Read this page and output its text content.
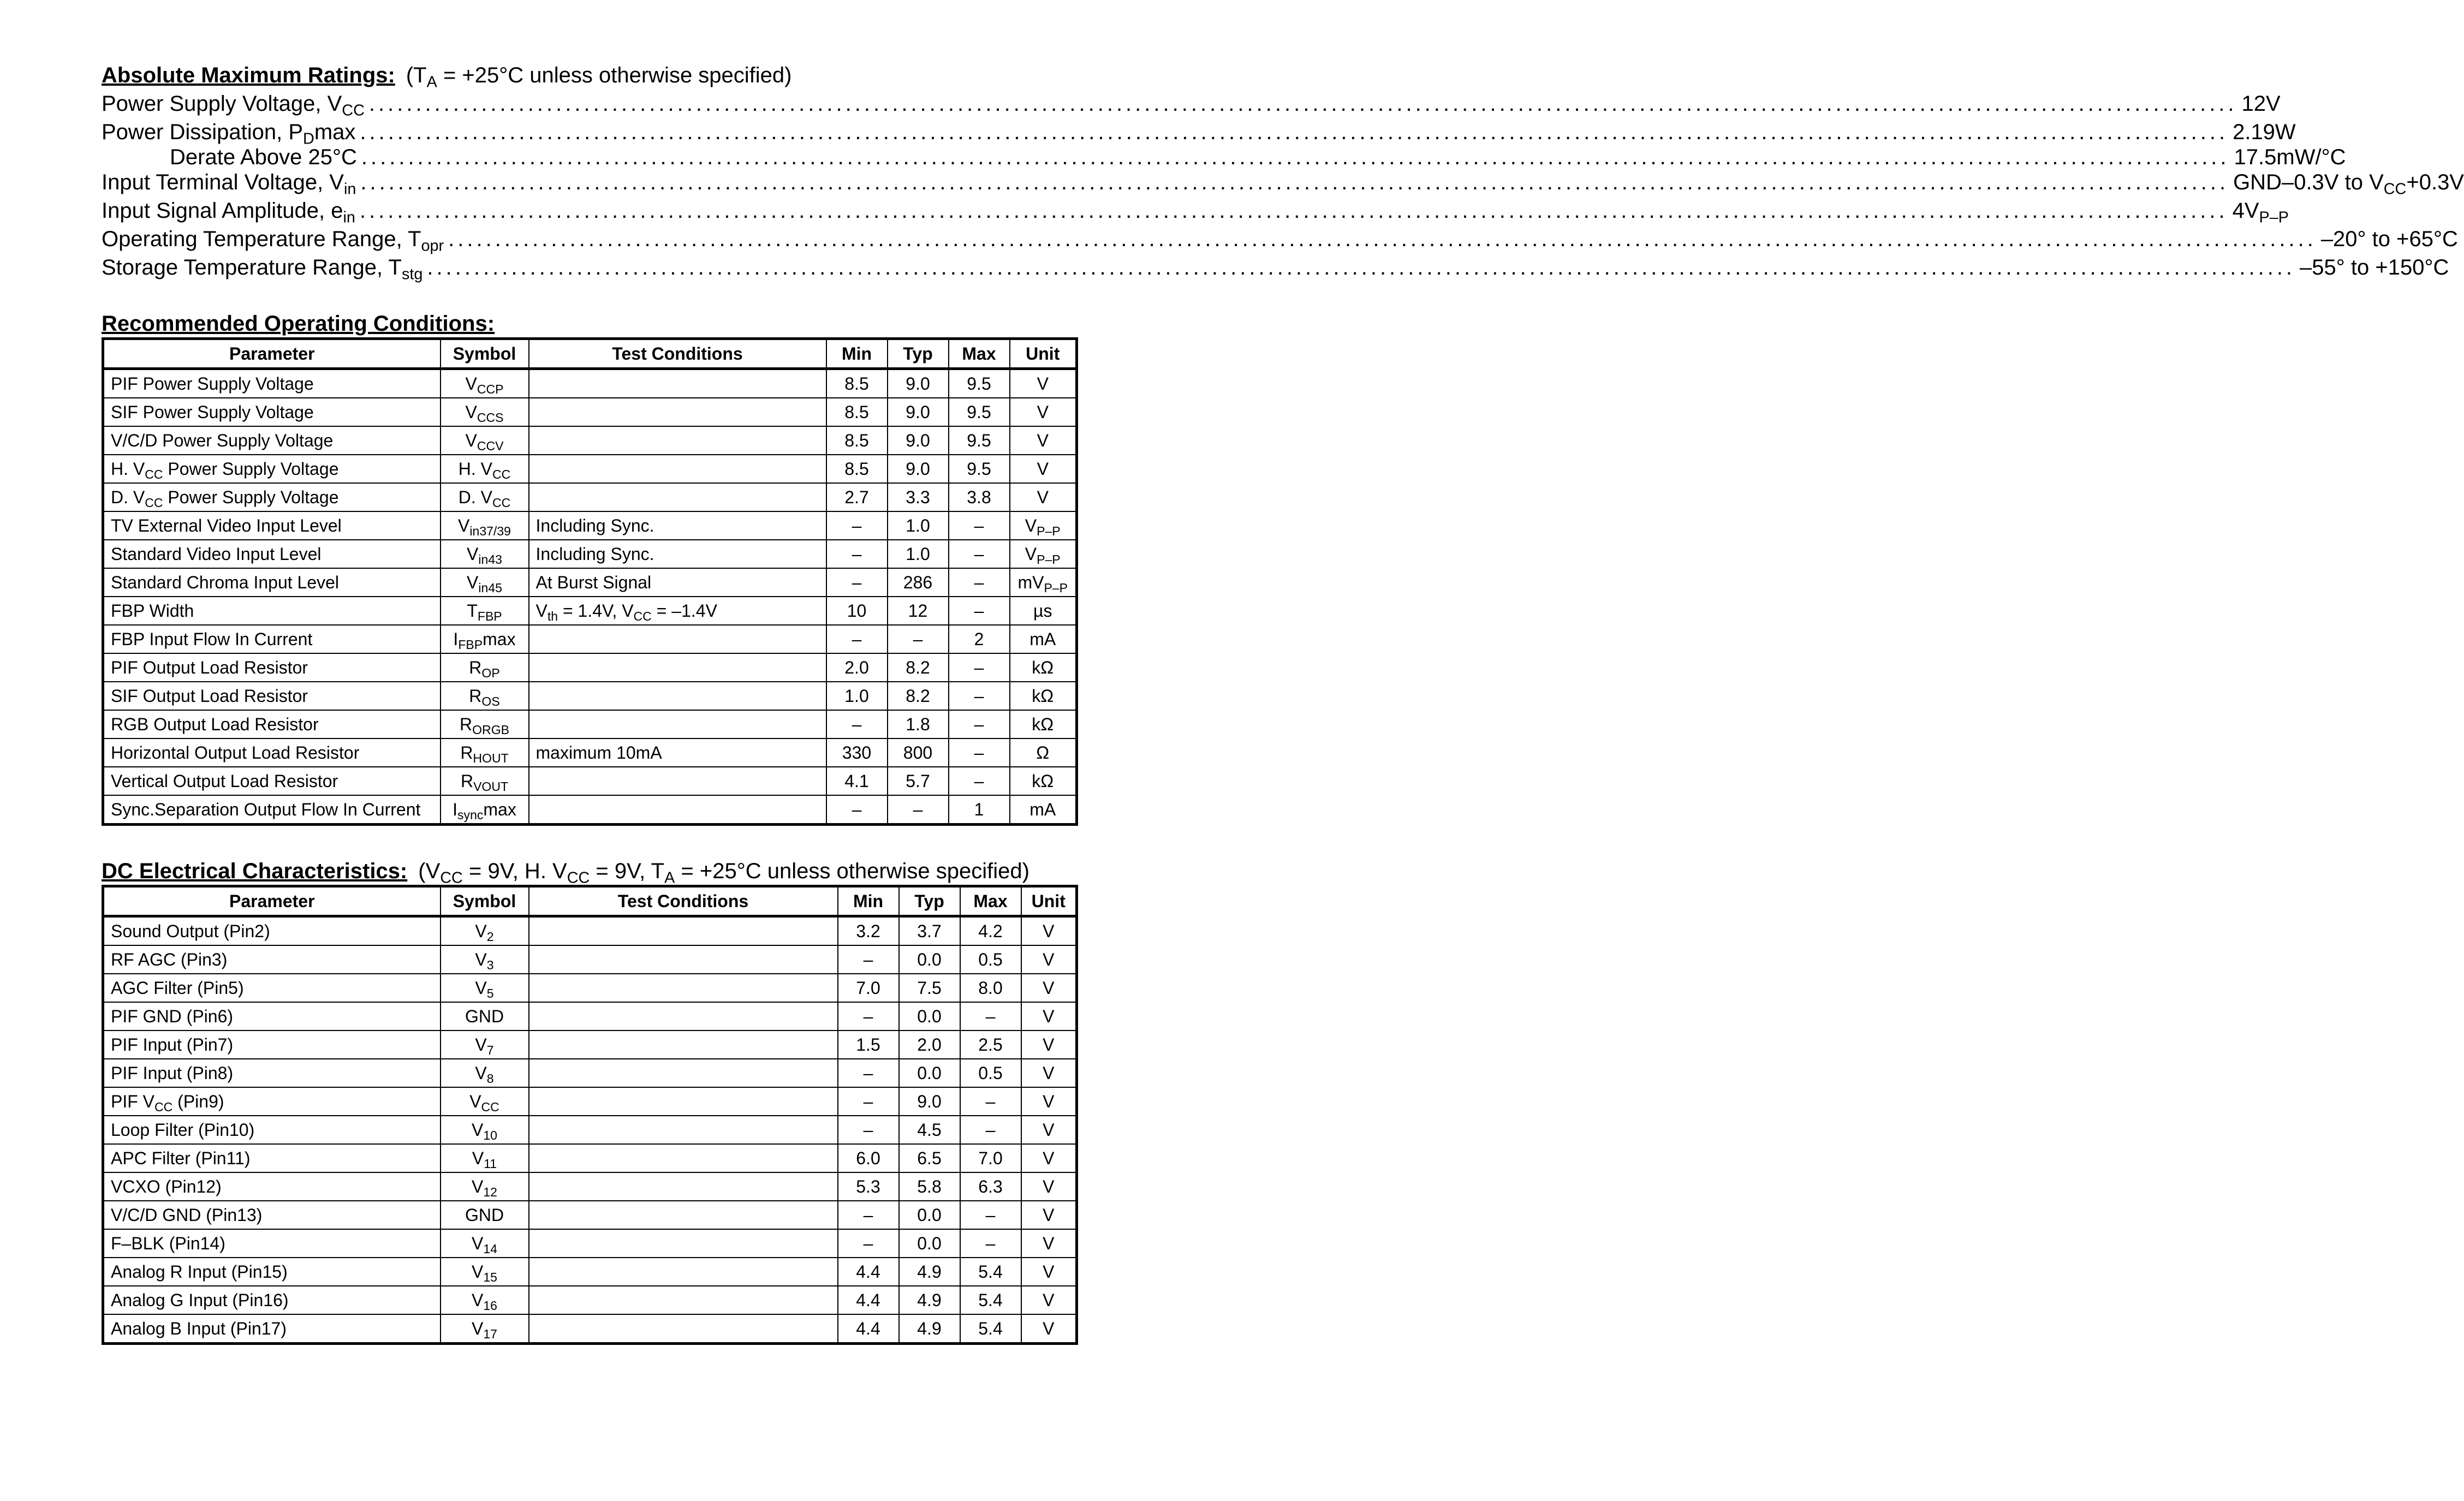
Absolute Maximum Ratings: ($T_A = +25^\circ C$ unless otherwise specified)
Power Supply Voltage, $V_{CC}$ ........................................................................................................................................................................................................ 12V
Power Dissipation, $P_D\max$ ........................................................................................................................................................................................................ 2.19W
Derate Above 25°C ........................................................................................................................................................................................................ 17.5mW/°C
Input Terminal Voltage, $V_{in}$ ........................................................................................................................................................................................................ GND–0.3V to $V_{CC}+0.3V$
Input Signal Amplitude, $e_{in}$ ........................................................................................................................................................................................................ $4V_{P-P}$
Operating Temperature Range, $T_{opr}$ ........................................................................................................................................................................................................ –20° to +65°C
Storage Temperature Range, $T_{stg}$ ........................................................................................................................................................................................................ –55° to +150°C
Recommended Operating Conditions:
Parameter	Symbol	Test Conditions	Min	Typ	Max	Unit
PIF Power Supply Voltage	$V_{CCP}$		8.5	9.0	9.5	V
SIF Power Supply Voltage	$V_{CCS}$		8.5	9.0	9.5	V
V/C/D Power Supply Voltage	$V_{CCV}$		8.5	9.0	9.5	V
H. $V_{CC}$ Power Supply Voltage	H. $V_{CC}$		8.5	9.0	9.5	V
D. $V_{CC}$ Power Supply Voltage	D. $V_{CC}$		2.7	3.3	3.8	V
TV External Video Input Level	$V_{in37/39}$	Including Sync.	–	1.0	–	$V_{P-P}$
Standard Video Input Level	$V_{in43}$	Including Sync.	–	1.0	–	$V_{P-P}$
Standard Chroma Input Level	$V_{in45}$	At Burst Signal	–	286	–	$mV_{P-P}$
FBP Width	$T_{FBP}$	$V_{th} = 1.4V$, $V_{CC} = -1.4V$	10	12	–	µs
FBP Input Flow In Current	$I_{FBP}\max$		–	–	2	mA
PIF Output Load Resistor	$R_{OP}$		2.0	8.2	–	kΩ
SIF Output Load Resistor	$R_{OS}$		1.0	8.2	–	kΩ
RGB Output Load Resistor	$R_{ORGB}$		–	1.8	–	kΩ
Horizontal Output Load Resistor	$R_{HOUT}$	maximum 10mA	330	800	–	Ω
Vertical Output Load Resistor	$R_{VOUT}$		4.1	5.7	–	kΩ
Sync.Separation Output Flow In Current	$I_{sync}\max$		–	–	1	mA
DC Electrical Characteristics: ($V_{CC} = 9V$, H. $V_{CC} = 9V$, $T_A = +25^\circ C$ unless otherwise specified)
Parameter	Symbol	Test Conditions	Min	Typ	Max	Unit
Sound Output (Pin2)	$V_2$		3.2	3.7	4.2	V
RF AGC (Pin3)	$V_3$		–	0.0	0.5	V
AGC Filter (Pin5)	$V_5$		7.0	7.5	8.0	V
PIF GND (Pin6)	GND		–	0.0	–	V
PIF Input (Pin7)	$V_7$		1.5	2.0	2.5	V
PIF Input (Pin8)	$V_8$		–	0.0	0.5	V
PIF $V_{CC}$ (Pin9)	$V_{CC}$		–	9.0	–	V
Loop Filter (Pin10)	$V_{10}$		–	4.5	–	V
APC Filter (Pin11)	$V_{11}$		6.0	6.5	7.0	V
VCXO (Pin12)	$V_{12}$		5.3	5.8	6.3	V
V/C/D GND (Pin13)	GND		–	0.0	–	V
F–BLK (Pin14)	$V_{14}$		–	0.0	–	V
Analog R Input (Pin15)	$V_{15}$		4.4	4.9	5.4	V
Analog G Input (Pin16)	$V_{16}$		4.4	4.9	5.4	V
Analog B Input (Pin17)	$V_{17}$		4.4	4.9	5.4	V
